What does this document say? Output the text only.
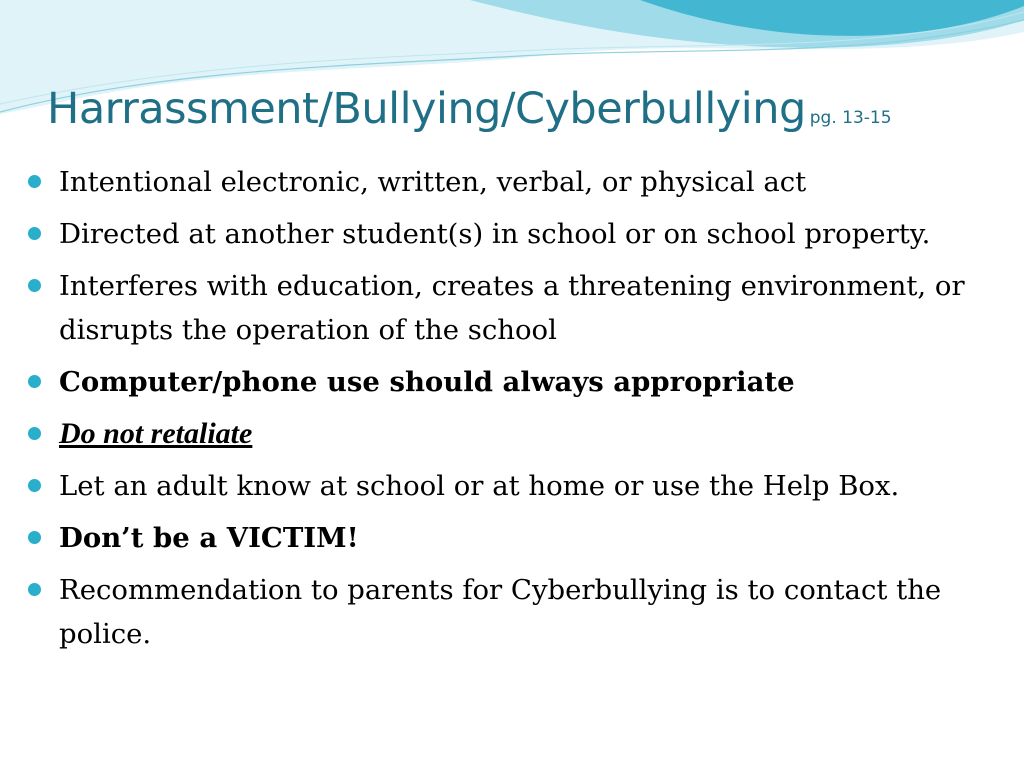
Harrassment/Bullying/Cyberbullying pg. 13-15
Intentional electronic, written, verbal, or physical act
Directed at another student(s) in school or on school property.
Interferes with education, creates a threatening environment, or disrupts the operation of the school
Computer/phone use should always appropriate
Do not retaliate
Let an adult know at school or at home or use the Help Box.
Don’t be a VICTIM!
Recommendation to parents for Cyberbullying is to contact the police.
